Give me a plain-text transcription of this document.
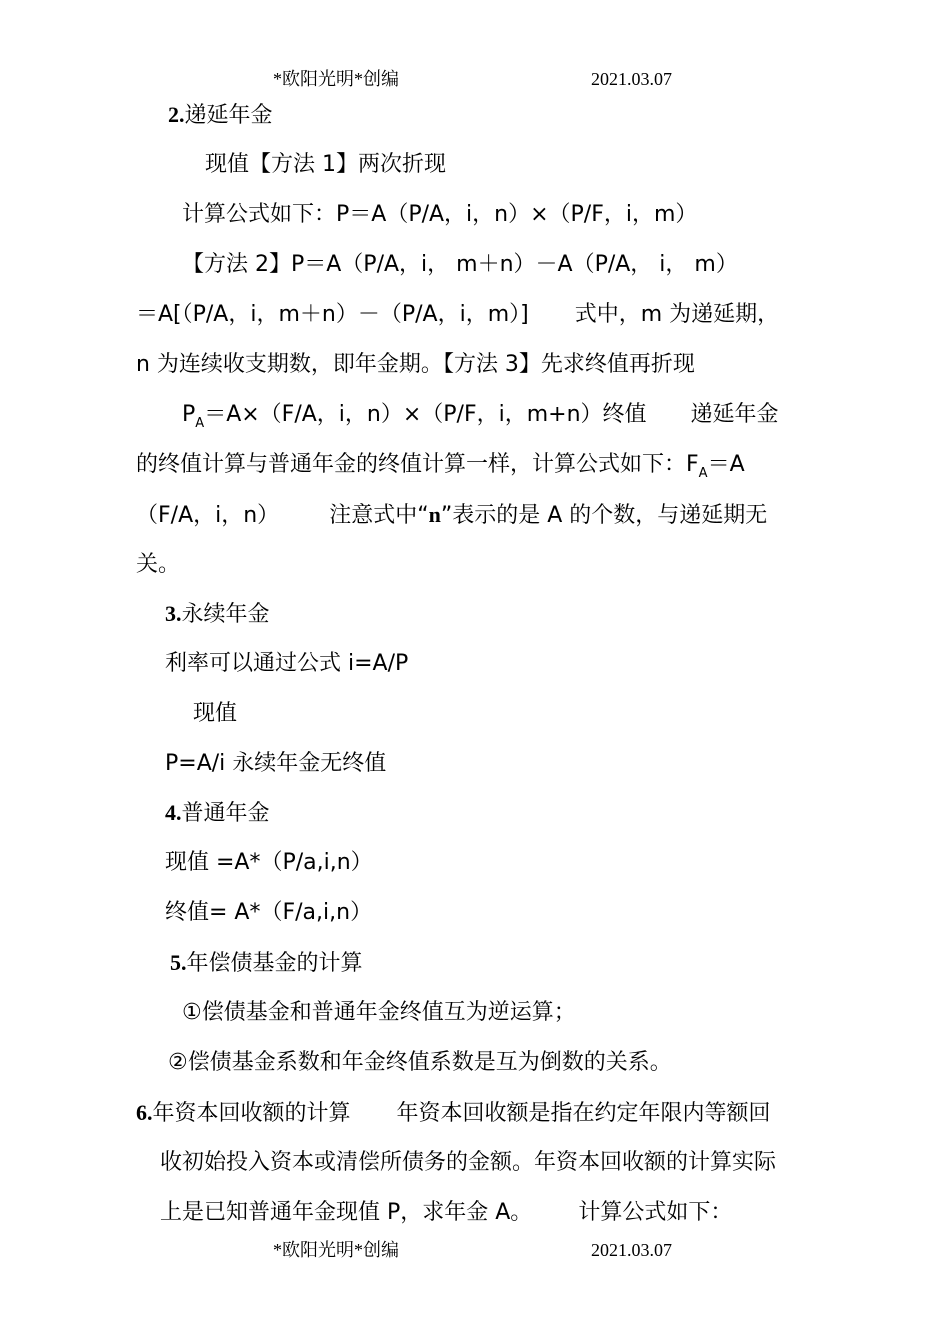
*欧阳光明*创编	2021.03.07
2.递延年金
现值【方法 1】两次折现
计算公式如下：P＝A（P/A，i，n）×（P/F，i，m）
【方法 2】P＝A（P/A，i， m＋n）－A（P/A， i， m）
＝A[（P/A，i，m＋n）－（P/A，i，m）] 式中，m 为递延期，
n 为连续收支期数，即年金期。【方法 3】先求终值再折现
$P_A=A\times(F/A$，i，n）×（P/F，i，m+n）终值 递延年金
的终值计算与普通年金的终值计算一样，计算公式如下：$F_A=A$
（F/A，i，n） 注意式中“n”表示的是 A 的个数，与递延期无
关。
3.永续年金
利率可以通过公式 i=A/P
现值
P=A/i 永续年金无终值
4.普通年金
现值 =A*（P/a,i,n）
终值= A*（F/a,i,n）
5.年偿债基金的计算
①偿债基金和普通年金终值互为逆运算；
②偿债基金系数和年金终值系数是互为倒数的关系。
6.年资本回收额的计算 年资本回收额是指在约定年限内等额回
收初始投入资本或清偿所债务的金额。年资本回收额的计算实际
上是已知普通年金现值 P，求年金 A。 计算公式如下：
*欧阳光明*创编	2021.03.07
